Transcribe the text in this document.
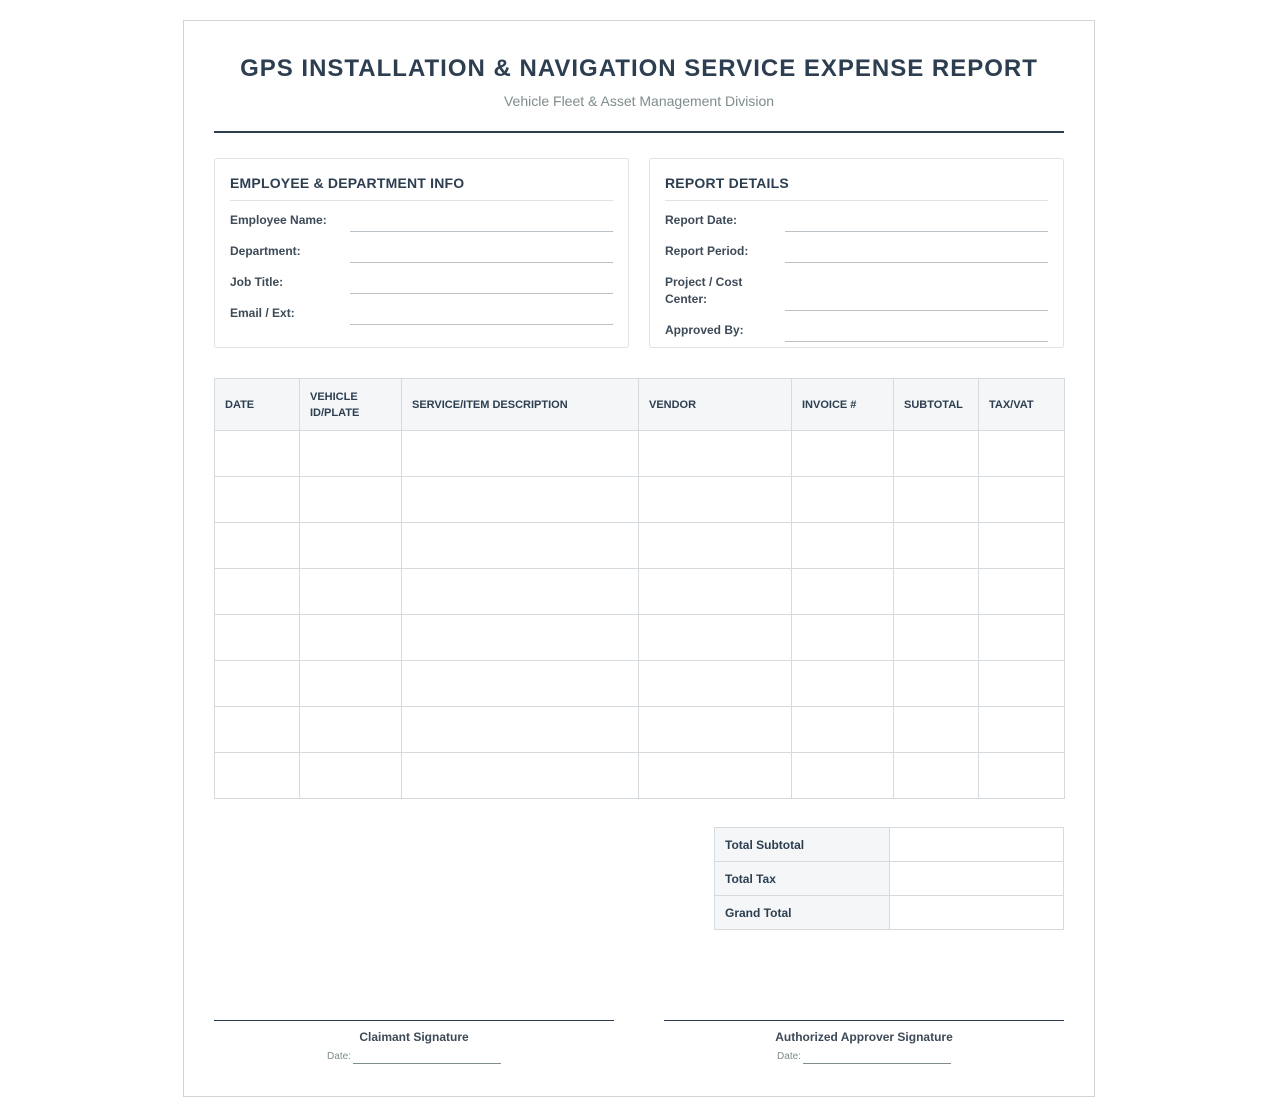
GPS INSTALLATION & NAVIGATION SERVICE EXPENSE REPORT
Vehicle Fleet & Asset Management Division
EMPLOYEE & DEPARTMENT INFO
Employee Name:
Department:
Job Title:
Email / Ext:
REPORT DETAILS
Report Date:
Report Period:
Project / Cost Center:
Approved By:
DATE	VEHICLE ID/PLATE	SERVICE/ITEM DESCRIPTION	VENDOR	INVOICE #	SUBTOTAL	TAX/VAT

Total Subtotal	
Total Tax	
Grand Total	
Claimant Signature
Date:
Authorized Approver Signature
Date:
